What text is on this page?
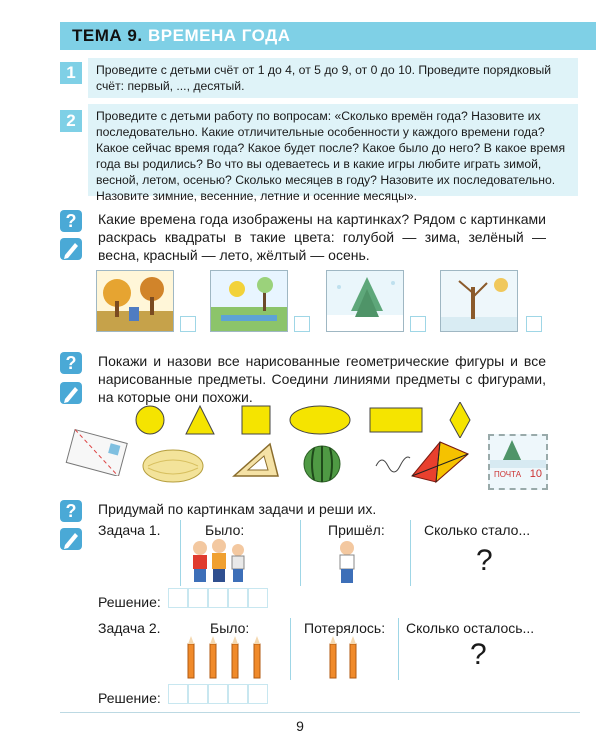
ТЕМА 9. ВРЕМЕНА ГОДА
1	Проведите с детьми счёт от 1 до 4, от 5 до 9, от 0 до 10. Проведите порядковый счёт: первый, ..., десятый.
2	Проведите с детьми работу по вопросам: «Сколько времён года? Назовите их последовательно. Какие отличительные особенности у каждого времени года? Какое сейчас время года? Какое будет после? Какое было до него? В какое время года вы родились? Во что вы одеваетесь и в какие игры любите играть зимой, весной, летом, осенью? Сколько месяцев в году? Назовите их последовательно. Назовите зимние, весенние, летние и осенние месяцы».
?	Какие времена года изображены на картинках? Рядом с картинками раскрась квадраты в такие цвета: голубой — зима, зелёный — весна, красный — лето, жёлтый — осень.
?	Покажи и назови все нарисованные геометрические фигуры и все нарисованные предметы. Соедини линиями предметы с фигурами, на которые они похожи.
ПОЧТА 10
?	Придумай по картинкам задачи и реши их.
Задача 1.	Было:	Пришёл:	Сколько стало...
?
Решение:
Задача 2.	Было:	Потерялось: Сколько осталось...
?
Решение:
9
